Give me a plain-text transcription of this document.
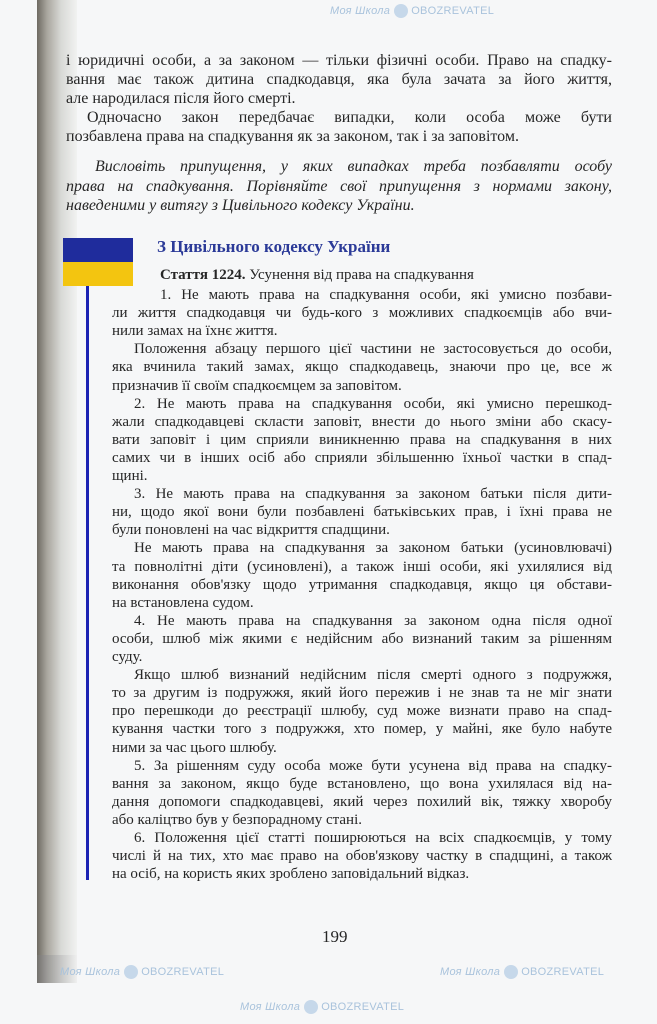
Моя Школа OBOZREVATEL
Моя Школа OBOZREVATEL	Моя Школа OBOZREVATEL
Моя Школа OBOZREVATEL
і юридичні особи, а за законом — тільки фізичні особи. Право на спадку-
вання має також дитина спадкодавця, яка була зачата за його життя,
але народилася після його смерті.
Одночасно закон передбачає випадки, коли особа може бути
позбавлена права на спадкування як за законом, так і за заповітом.
Висловіть припущення, у яких випадках треба позбавляти особу
права на спадкування. Порівняйте свої припущення з нормами закону,
наведеними у витягу з Цивільного кодексу України.
З Цивільного кодексу України
Стаття 1224. Усунення від права на спадкування
1. Не мають права на спадкування особи, які умисно позбави-
ли життя спадкодавця чи будь-кого з можливих спадкоємців або вчи-
нили замах на їхнє життя.
Положення абзацу першого цієї частини не застосовується до особи,
яка вчинила такий замах, якщо спадкодавець, знаючи про це, все ж
призначив її своїм спадкоємцем за заповітом.
2. Не мають права на спадкування особи, які умисно перешкод-
жали спадкодавцеві скласти заповіт, внести до нього зміни або скасу-
вати заповіт і цим сприяли виникненню права на спадкування в них
самих чи в інших осіб або сприяли збільшенню їхньої частки в спад-
щині.
3. Не мають права на спадкування за законом батьки після дити-
ни, щодо якої вони були позбавлені батьківських прав, і їхні права не
були поновлені на час відкриття спадщини.
Не мають права на спадкування за законом батьки (усиновлювачі)
та повнолітні діти (усиновлені), а також інші особи, які ухилялися від
виконання обов'язку щодо утримання спадкодавця, якщо ця обстави-
на встановлена судом.
4. Не мають права на спадкування за законом одна після одної
особи, шлюб між якими є недійсним або визнаний таким за рішенням
суду.
Якщо шлюб визнаний недійсним після смерті одного з подружжя,
то за другим із подружжя, який його пережив і не знав та не міг знати
про перешкоди до реєстрації шлюбу, суд може визнати право на спад-
кування частки того з подружжя, хто помер, у майні, яке було набуте
ними за час цього шлюбу.
5. За рішенням суду особа може бути усунена від права на спадку-
вання за законом, якщо буде встановлено, що вона ухилялася від на-
дання допомоги спадкодавцеві, який через похилий вік, тяжку хворобу
або каліцтво був у безпорадному стані.
6. Положення цієї статті поширюються на всіх спадкоємців, у тому
числі й на тих, хто має право на обов'язкову частку в спадщині, а також
на осіб, на користь яких зроблено заповідальний відказ.
199
